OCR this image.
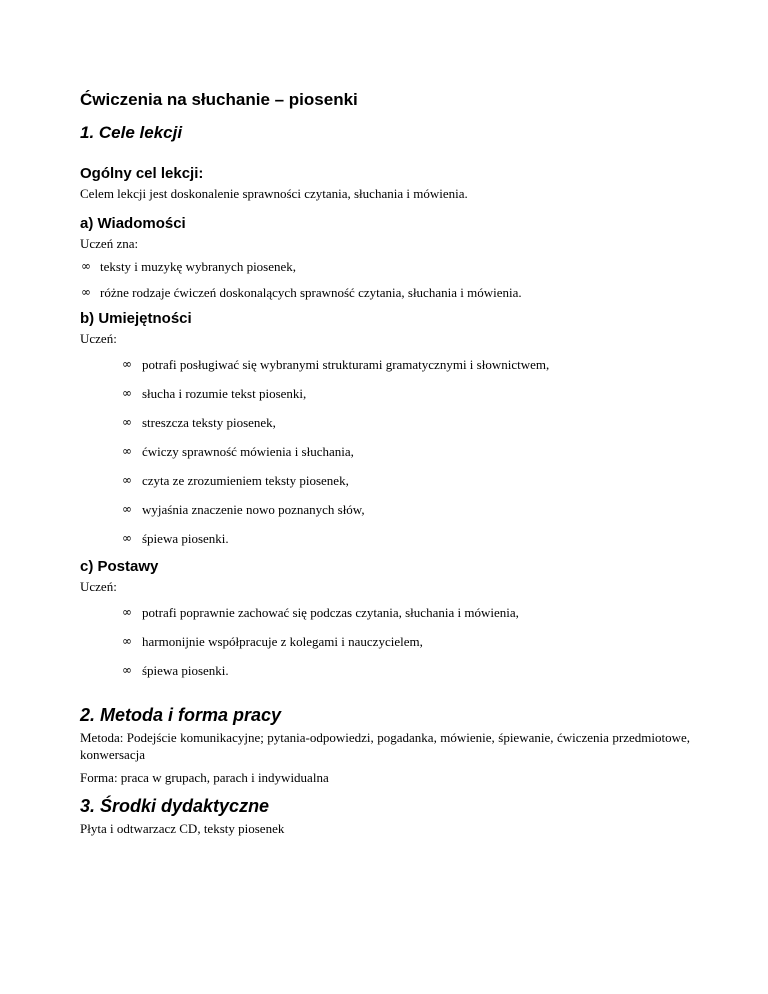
Ćwiczenia na słuchanie – piosenki
1. Cele lekcji
Ogólny cel lekcji:

Celem lekcji jest doskonalenie sprawności czytania, słuchania i mówienia.

a) Wiadomości

Uczeń zna:

∞ teksty i muzykę wybranych piosenek,
∞ różne rodzaje ćwiczeń doskonalących sprawność czytania, słuchania i mówienia.
b) Umiejętności

Uczeń:

∞ potrafi posługiwać się wybranymi strukturami gramatycznymi i słownictwem,
∞ słucha i rozumie tekst piosenki,
∞ streszcza teksty piosenek,
∞ ćwiczy sprawność mówienia i słuchania,
∞ czyta ze zrozumieniem teksty piosenek,
∞ wyjaśnia znaczenie nowo poznanych słów,
∞ śpiewa piosenki.
c) Postawy

Uczeń:

∞ potrafi poprawnie zachować się podczas czytania, słuchania i mówienia,
∞ harmonijnie współpracuje z kolegami i nauczycielem,
∞ śpiewa piosenki.
2. Metoda i forma pracy

Metoda: Podejście komunikacyjne; pytania-odpowiedzi, pogadanka, mówienie, śpiewanie, ćwiczenia przedmiotowe, konwersacja

Forma: praca w grupach, parach i indywidualna

3. Środki dydaktyczne

Płyta i odtwarzacz CD, teksty piosenek
